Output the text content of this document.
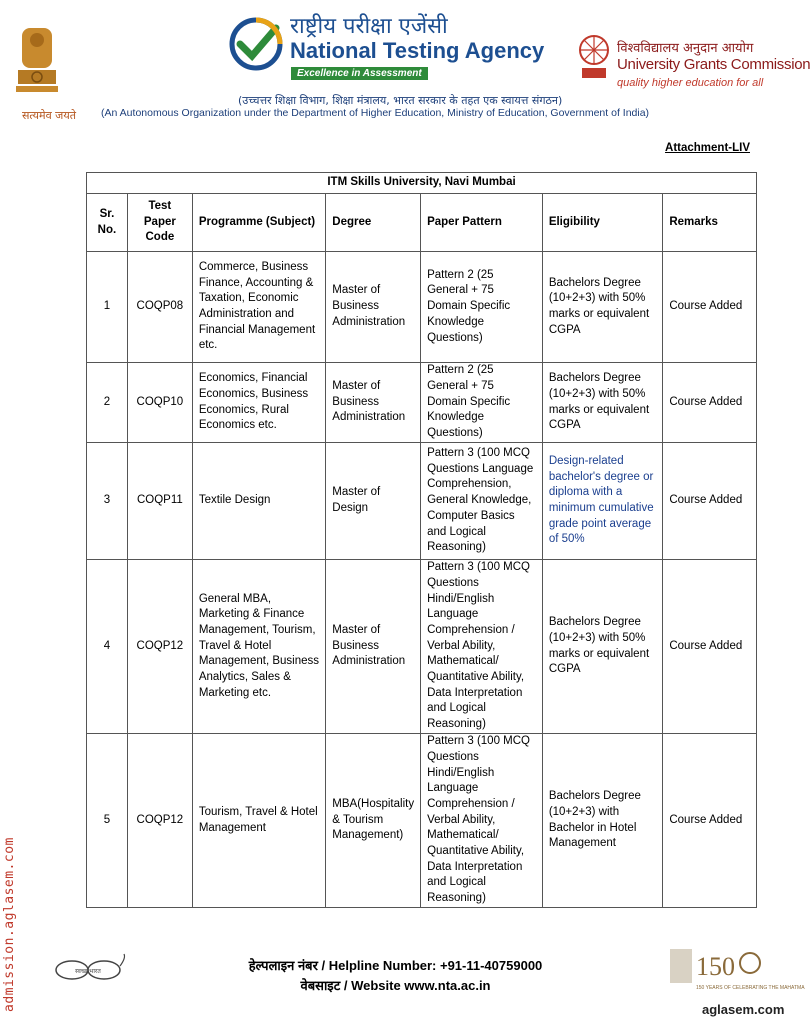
सत्यमेव जयते
राष्ट्रीय परीक्षा एजेंसी
National Testing Agency
Excellence in Assessment
विश्वविद्यालय अनुदान आयोग
University Grants Commission
quality higher education for all
(उच्चत्तर शिक्षा विभाग, शिक्षा मंत्रालय, भारत सरकार के तहत एक स्वायत्त संगठन)
(An Autonomous Organization under the Department of Higher Education, Ministry of Education, Government of India)
Attachment-LIV
ITM Skills University, Navi Mumbai						
Sr. No.	Test Paper Code	Programme (Subject)	Degree	Paper Pattern	Eligibility	Remarks
1	COQP08	Commerce, Business Finance, Accounting & Taxation, Economic Administration and Financial Management etc.	Master of Business Administration	Pattern 2 (25 General + 75 Domain Specific Knowledge Questions)	Bachelors Degree (10+2+3) with 50% marks or equivalent CGPA	Course Added
2	COQP10	Economics, Financial Economics, Business Economics, Rural Economics etc.	Master of Business Administration	Pattern 2 (25 General + 75 Domain Specific Knowledge Questions)	Bachelors Degree (10+2+3) with 50% marks or equivalent CGPA	Course Added
3	COQP11	Textile Design	Master of Design	Pattern 3 (100 MCQ Questions Language Comprehension, General Knowledge, Computer Basics and Logical Reasoning)	Design-related bachelor's degree or diploma with a minimum cumulative grade point average of 50%	Course Added
4	COQP12	General MBA, Marketing & Finance Management, Tourism, Travel & Hotel Management, Business Analytics, Sales & Marketing etc.	Master of Business Administration	Pattern 3 (100 MCQ Questions Hindi/English Language Comprehension / Verbal Ability, Mathematical/ Quantitative Ability, Data Interpretation and Logical Reasoning)	Bachelors Degree (10+2+3) with 50% marks or equivalent CGPA	Course Added
5	COQP12	Tourism, Travel & Hotel Management	MBA(Hospitality & Tourism Management)	Pattern 3 (100 MCQ Questions Hindi/English Language Comprehension / Verbal Ability, Mathematical/ Quantitative Ability, Data Interpretation and Logical Reasoning)	Bachelors Degree (10+2+3) with Bachelor in Hotel Management	Course Added
admission.aglasem.com	स्वच्छ भारत	हेल्पलाइन नंबर / Helpline Number: +91-11-40759000
वेबसाइट / Website www.nta.ac.in
150
150 YEARS OF CELEBRATING THE MAHATMA
aglasem.com
